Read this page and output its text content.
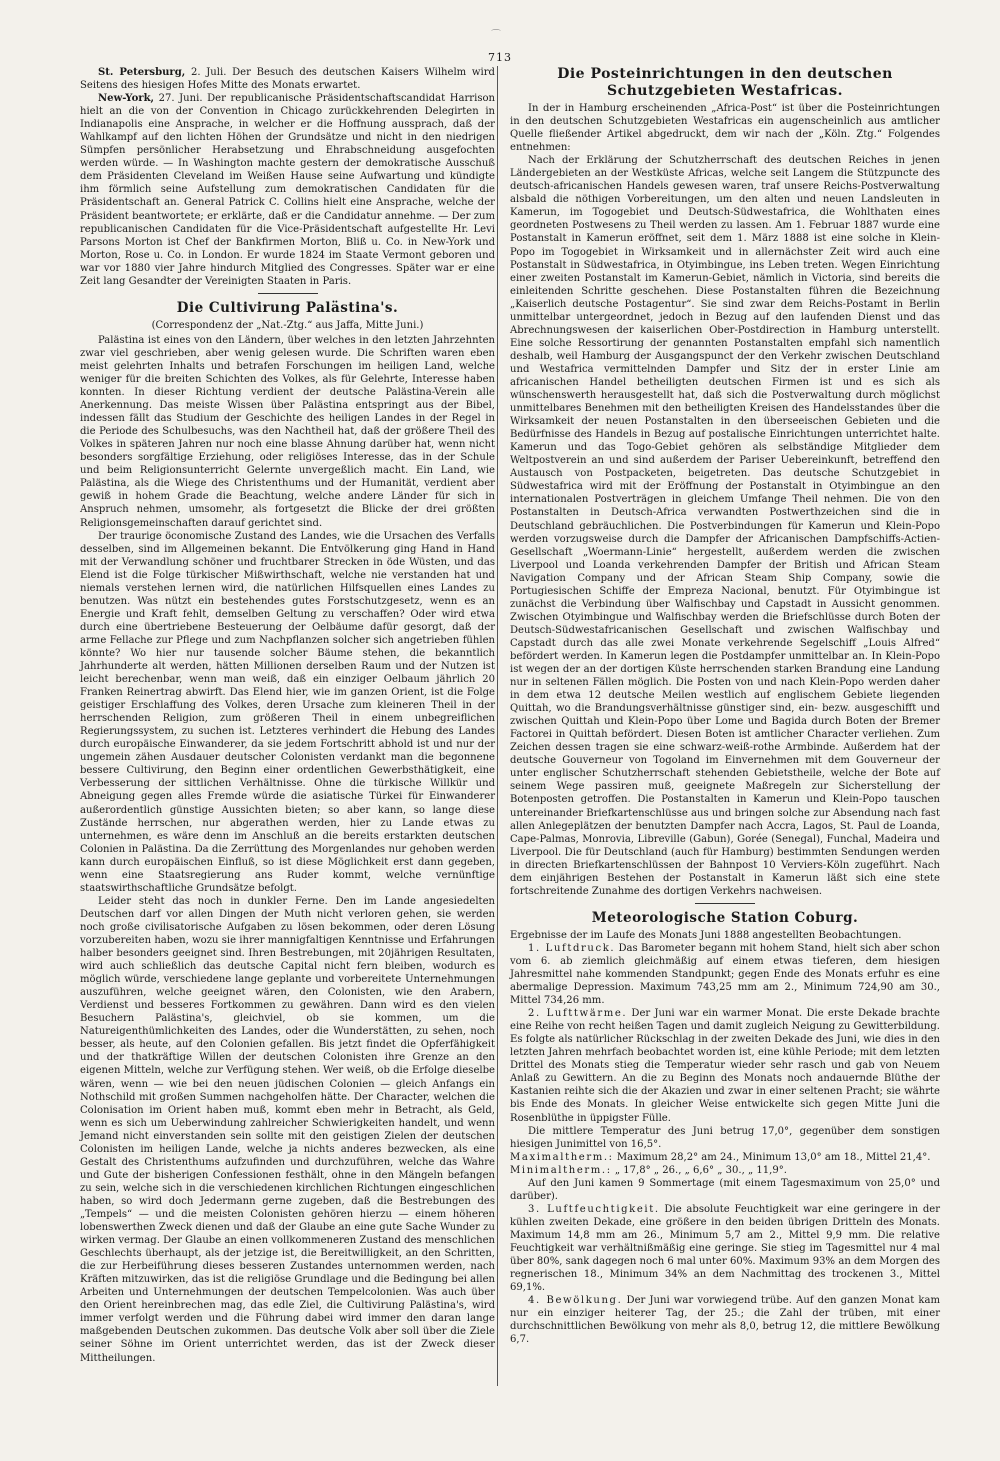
⌒
713

St. Petersburg, 2. Juli. Der Besuch des deutschen Kaisers Wilhelm wird Seitens des hiesigen Hofes Mitte des Monats erwartet.

New-York, 27. Juni. Der republicanische Präsidentschaftscandidat Harrison hielt an die von der Convention in Chicago zurückkehrenden Delegirten in Indianapolis eine Ansprache, in welcher er die Hoffnung aussprach, daß der Wahlkampf auf den lichten Höhen der Grundsätze und nicht in den niedrigen Sümpfen persönlicher Herabsetzung und Ehrabschneidung ausgefochten werden würde. — In Washington machte gestern der demokratische Ausschuß dem Präsidenten Cleveland im Weißen Hause seine Aufwartung und kündigte ihm förmlich seine Aufstellung zum demokratischen Candidaten für die Präsidentschaft an. General Patrick C. Collins hielt eine Ansprache, welche der Präsident beantwortete; er erklärte, daß er die Candidatur annehme. — Der zum republicanischen Candidaten für die Vice-Präsidentschaft aufgestellte Hr. Levi Parsons Morton ist Chef der Bankfirmen Morton, Bliß u. Co. in New-York und Morton, Rose u. Co. in London. Er wurde 1824 im Staate Vermont geboren und war vor 1880 vier Jahre hindurch Mitglied des Congresses. Später war er eine Zeit lang Gesandter der Vereinigten Staaten in Paris.

Die Cultivirung Palästina's.
(Correspondenz der „Nat.-Ztg.“ aus Jaffa, Mitte Juni.)

Palästina ist eines von den Ländern, über welches in den letzten Jahrzehnten zwar viel geschrieben, aber wenig gelesen wurde. Die Schriften waren eben meist gelehrten Inhalts und betrafen Forschungen im heiligen Land, welche weniger für die breiten Schichten des Volkes, als für Gelehrte, Interesse haben konnten. In dieser Richtung verdient der deutsche Palästina-Verein alle Anerkennung. Das meiste Wissen über Palästina entspringt aus der Bibel, indessen fällt das Studium der Geschichte des heiligen Landes in der Regel in die Periode des Schulbesuchs, was den Nachtheil hat, daß der größere Theil des Volkes in späteren Jahren nur noch eine blasse Ahnung darüber hat, wenn nicht besonders sorgfältige Erziehung, oder religiöses Interesse, das in der Schule und beim Religionsunterricht Gelernte unvergeßlich macht. Ein Land, wie Palästina, als die Wiege des Christenthums und der Humanität, verdient aber gewiß in hohem Grade die Beachtung, welche andere Länder für sich in Anspruch nehmen, umsomehr, als fortgesetzt die Blicke der drei größten Religionsgemeinschaften darauf gerichtet sind.

Der traurige öconomische Zustand des Landes, wie die Ursachen des Verfalls desselben, sind im Allgemeinen bekannt. Die Entvölkerung ging Hand in Hand mit der Verwandlung schöner und fruchtbarer Strecken in öde Wüsten, und das Elend ist die Folge türkischer Mißwirthschaft, welche nie verstanden hat und niemals verstehen lernen wird, die natürlichen Hilfsquellen eines Landes zu benutzen. Was nützt ein bestehendes gutes Forstschutzgesetz, wenn es an Energie und Kraft fehlt, demselben Geltung zu verschaffen? Oder wird etwa durch eine übertriebene Besteuerung der Oelbäume dafür gesorgt, daß der arme Fellache zur Pflege und zum Nachpflanzen solcher sich angetrieben fühlen könnte? Wo hier nur tausende solcher Bäume stehen, die bekanntlich Jahrhunderte alt werden, hätten Millionen derselben Raum und der Nutzen ist leicht berechenbar, wenn man weiß, daß ein einziger Oelbaum jährlich 20 Franken Reinertrag abwirft. Das Elend hier, wie im ganzen Orient, ist die Folge geistiger Erschlaffung des Volkes, deren Ursache zum kleineren Theil in der herrschenden Religion, zum größeren Theil in einem unbegreiflichen Regierungssystem, zu suchen ist. Letzteres verhindert die Hebung des Landes durch europäische Einwanderer, da sie jedem Fortschritt abhold ist und nur der ungemein zähen Ausdauer deutscher Colonisten verdankt man die begonnene bessere Cultivirung, den Beginn einer ordentlichen Gewerbsthätigkeit, eine Verbesserung der sittlichen Verhältnisse. Ohne die türkische Willkür und Abneigung gegen alles Fremde würde die asiatische Türkei für Einwanderer außerordentlich günstige Aussichten bieten; so aber kann, so lange diese Zustände herrschen, nur abgerathen werden, hier zu Lande etwas zu unternehmen, es wäre denn im Anschluß an die bereits erstarkten deutschen Colonien in Palästina. Da die Zerrüttung des Morgenlandes nur gehoben werden kann durch europäischen Einfluß, so ist diese Möglichkeit erst dann gegeben, wenn eine Staatsregierung ans Ruder kommt, welche vernünftige staatswirthschaftliche Grundsätze befolgt.

Leider steht das noch in dunkler Ferne. Den im Lande angesiedelten Deutschen darf vor allen Dingen der Muth nicht verloren gehen, sie werden noch große civilisatorische Aufgaben zu lösen bekommen, oder deren Lösung vorzubereiten haben, wozu sie ihrer mannigfaltigen Kenntnisse und Erfahrungen halber besonders geeignet sind. Ihren Bestrebungen, mit 20jährigen Resultaten, wird auch schließlich das deutsche Capital nicht fern bleiben, wodurch es möglich würde, verschiedene lange geplante und vorbereitete Unternehmungen auszuführen, welche geeignet wären, den Colonisten, wie den Arabern, Verdienst und besseres Fortkommen zu gewähren. Dann wird es den vielen Besuchern Palästina's, gleichviel, ob sie kommen, um die Natureigenthümlichkeiten des Landes, oder die Wunderstätten, zu sehen, noch besser, als heute, auf den Colonien gefallen. Bis jetzt findet die Opferfähigkeit und der thatkräftige Willen der deutschen Colonisten ihre Grenze an den eigenen Mitteln, welche zur Verfügung stehen. Wer weiß, ob die Erfolge dieselbe wären, wenn — wie bei den neuen jüdischen Colonien — gleich Anfangs ein Nothschild mit großen Summen nachgeholfen hätte. Der Character, welchen die Colonisation im Orient haben muß, kommt eben mehr in Betracht, als Geld, wenn es sich um Ueberwindung zahlreicher Schwierigkeiten handelt, und wenn Jemand nicht einverstanden sein sollte mit den geistigen Zielen der deutschen Colonisten im heiligen Lande, welche ja nichts anderes bezwecken, als eine Gestalt des Christenthums aufzufinden und durchzuführen, welche das Wahre und Gute der bisherigen Confessionen festhält, ohne in den Mängeln befangen zu sein, welche sich in die verschiedenen kirchlichen Richtungen eingeschlichen haben, so wird doch Jedermann gerne zugeben, daß die Bestrebungen des „Tempels“ — und die meisten Colonisten gehören hierzu — einem höheren lobenswerthen Zweck dienen und daß der Glaube an eine gute Sache Wunder zu wirken vermag. Der Glaube an einen vollkommeneren Zustand des menschlichen Geschlechts überhaupt, als der jetzige ist, die Bereitwilligkeit, an den Schritten, die zur Herbeiführung dieses besseren Zustandes unternommen werden, nach Kräften mitzuwirken, das ist die religiöse Grundlage und die Bedingung bei allen Arbeiten und Unternehmungen der deutschen Tempelcolonien. Was auch über den Orient hereinbrechen mag, das edle Ziel, die Cultivirung Palästina's, wird immer verfolgt werden und die Führung dabei wird immer den daran lange maßgebenden Deutschen zukommen. Das deutsche Volk aber soll über die Ziele seiner Söhne im Orient unterrichtet werden, das ist der Zweck dieser Mittheilungen.

Die Posteinrichtungen in den deutschen Schutzgebieten Westafricas.

In der in Hamburg erscheinenden „Africa-Post“ ist über die Posteinrichtungen in den deutschen Schutzgebieten Westafricas ein augenscheinlich aus amtlicher Quelle fließender Artikel abgedruckt, dem wir nach der „Köln. Ztg.“ Folgendes entnehmen:

Nach der Erklärung der Schutzherrschaft des deutschen Reiches in jenen Ländergebieten an der Westküste Africas, welche seit Langem die Stützpuncte des deutsch-africanischen Handels gewesen waren, traf unsere Reichs-Postverwaltung alsbald die nöthigen Vorbereitungen, um den alten und neuen Landsleuten in Kamerun, im Togogebiet und Deutsch-Südwestafrica, die Wohlthaten eines geordneten Postwesens zu Theil werden zu lassen. Am 1. Februar 1887 wurde eine Postanstalt in Kamerun eröffnet, seit dem 1. März 1888 ist eine solche in Klein-Popo im Togogebiet in Wirksamkeit und in allernächster Zeit wird auch eine Postanstalt in Südwestafrica, in Otyimbingue, ins Leben treten. Wegen Einrichtung einer zweiten Postanstalt im Kamerun-Gebiet, nämlich in Victoria, sind bereits die einleitenden Schritte geschehen. Diese Postanstalten führen die Bezeichnung „Kaiserlich deutsche Postagentur“. Sie sind zwar dem Reichs-Postamt in Berlin unmittelbar untergeordnet, jedoch in Bezug auf den laufenden Dienst und das Abrechnungswesen der kaiserlichen Ober-Postdirection in Hamburg unterstellt. Eine solche Ressortirung der genannten Postanstalten empfahl sich namentlich deshalb, weil Hamburg der Ausgangspunct der den Verkehr zwischen Deutschland und Westafrica vermittelnden Dampfer und Sitz der in erster Linie am africanischen Handel betheiligten deutschen Firmen ist und es sich als wünschenswerth herausgestellt hat, daß sich die Postverwaltung durch möglichst unmittelbares Benehmen mit den betheiligten Kreisen des Handelsstandes über die Wirksamkeit der neuen Postanstalten in den überseeischen Gebieten und die Bedürfnisse des Handels in Bezug auf postalische Einrichtungen unterrichtet halte. Kamerun und das Togo-Gebiet gehören als selbständige Mitglieder dem Weltpostverein an und sind außerdem der Pariser Uebereinkunft, betreffend den Austausch von Postpacketen, beigetreten. Das deutsche Schutzgebiet in Südwestafrica wird mit der Eröffnung der Postanstalt in Otyimbingue an den internationalen Postverträgen in gleichem Umfange Theil nehmen. Die von den Postanstalten in Deutsch-Africa verwandten Postwerthzeichen sind die in Deutschland gebräuchlichen. Die Postverbindungen für Kamerun und Klein-Popo werden vorzugsweise durch die Dampfer der Africanischen Dampfschiffs-Actien-Gesellschaft „Woermann-Linie“ hergestellt, außerdem werden die zwischen Liverpool und Loanda verkehrenden Dampfer der British und African Steam Navigation Company und der African Steam Ship Company, sowie die Portugiesischen Schiffe der Empreza Nacional, benutzt. Für Otyimbingue ist zunächst die Verbindung über Walfischbay und Capstadt in Aussicht genommen. Zwischen Otyimbingue und Walfischbay werden die Briefschlüsse durch Boten der Deutsch-Südwestafricanischen Gesellschaft und zwischen Walfischbay und Capstadt durch das alle zwei Monate verkehrende Segelschiff „Louis Alfred“ befördert werden. In Kamerun legen die Postdampfer unmittelbar an. In Klein-Popo ist wegen der an der dortigen Küste herrschenden starken Brandung eine Landung nur in seltenen Fällen möglich. Die Posten von und nach Klein-Popo werden daher in dem etwa 12 deutsche Meilen westlich auf englischem Gebiete liegenden Quittah, wo die Brandungsverhältnisse günstiger sind, ein- bezw. ausgeschifft und zwischen Quittah und Klein-Popo über Lome und Bagida durch Boten der Bremer Factorei in Quittah befördert. Diesen Boten ist amtlicher Character verliehen. Zum Zeichen dessen tragen sie eine schwarz-weiß-rothe Armbinde. Außerdem hat der deutsche Gouverneur von Togoland im Einvernehmen mit dem Gouverneur der unter englischer Schutzherrschaft stehenden Gebietstheile, welche der Bote auf seinem Wege passiren muß, geeignete Maßregeln zur Sicherstellung der Botenposten getroffen. Die Postanstalten in Kamerun und Klein-Popo tauschen untereinander Briefkartenschlüsse aus und bringen solche zur Absendung nach fast allen Anlegeplätzen der benutzten Dampfer nach Accra, Lagos, St. Paul de Loanda, Cape-Palmas, Monrovia, Libreville (Gabun), Gorée (Senegal), Funchal, Madeira und Liverpool. Die für Deutschland (auch für Hamburg) bestimmten Sendungen werden in directen Briefkartenschlüssen der Bahnpost 10 Verviers-Köln zugeführt. Nach dem einjährigen Bestehen der Postanstalt in Kamerun läßt sich eine stete fortschreitende Zunahme des dortigen Verkehrs nachweisen.

Meteorologische Station Coburg.

Ergebnisse der im Laufe des Monats Juni 1888 angestellten Beobachtungen.

1. Luftdruck. Das Barometer begann mit hohem Stand, hielt sich aber schon vom 6. ab ziemlich gleichmäßig auf einem etwas tieferen, dem hiesigen Jahresmittel nahe kommenden Standpunkt; gegen Ende des Monats erfuhr es eine abermalige Depression. Maximum 743,25 mm am 2., Minimum 724,90 am 30., Mittel 734,26 mm.

2. Lufttwärme. Der Juni war ein warmer Monat. Die erste Dekade brachte eine Reihe von recht heißen Tagen und damit zugleich Neigung zu Gewitterbildung. Es folgte als natürlicher Rückschlag in der zweiten Dekade des Juni, wie dies in den letzten Jahren mehrfach beobachtet worden ist, eine kühle Periode; mit dem letzten Drittel des Monats stieg die Temperatur wieder sehr rasch und gab von Neuem Anlaß zu Gewittern. An die zu Beginn des Monats noch andauernde Blüthe der Kastanien reihte sich die der Akazien und zwar in einer seltenen Pracht; sie währte bis Ende des Monats. In gleicher Weise entwickelte sich gegen Mitte Juni die Rosenblüthe in üppigster Fülle.

Die mittlere Temperatur des Juni betrug 17,0°, gegenüber dem sonstigen hiesigen Junimittel von 16,5°.

Maximaltherm.: Maximum 28,2° am 24., Minimum 13,0° am 18., Mittel 21,4°.

Minimaltherm.: „ 17,8° „ 26., „ 6,6° „ 30., „ 11,9°.

Auf den Juni kamen 9 Sommertage (mit einem Tagesmaximum von 25,0° und darüber).

3. Luftfeuchtigkeit. Die absolute Feuchtigkeit war eine geringere in der kühlen zweiten Dekade, eine größere in den beiden übrigen Dritteln des Monats. Maximum 14,8 mm am 26., Minimum 5,7 am 2., Mittel 9,9 mm. Die relative Feuchtigkeit war verhältnißmäßig eine geringe. Sie stieg im Tagesmittel nur 4 mal über 80%, sank dagegen noch 6 mal unter 60%. Maximum 93% an dem Morgen des regnerischen 18., Minimum 34% an dem Nachmittag des trockenen 3., Mittel 69,1%.

4. Bewölkung. Der Juni war vorwiegend trübe. Auf den ganzen Monat kam nur ein einziger heiterer Tag, der 25.; die Zahl der trüben, mit einer durchschnittlichen Bewölkung von mehr als 8,0, betrug 12, die mittlere Bewölkung 6,7.
